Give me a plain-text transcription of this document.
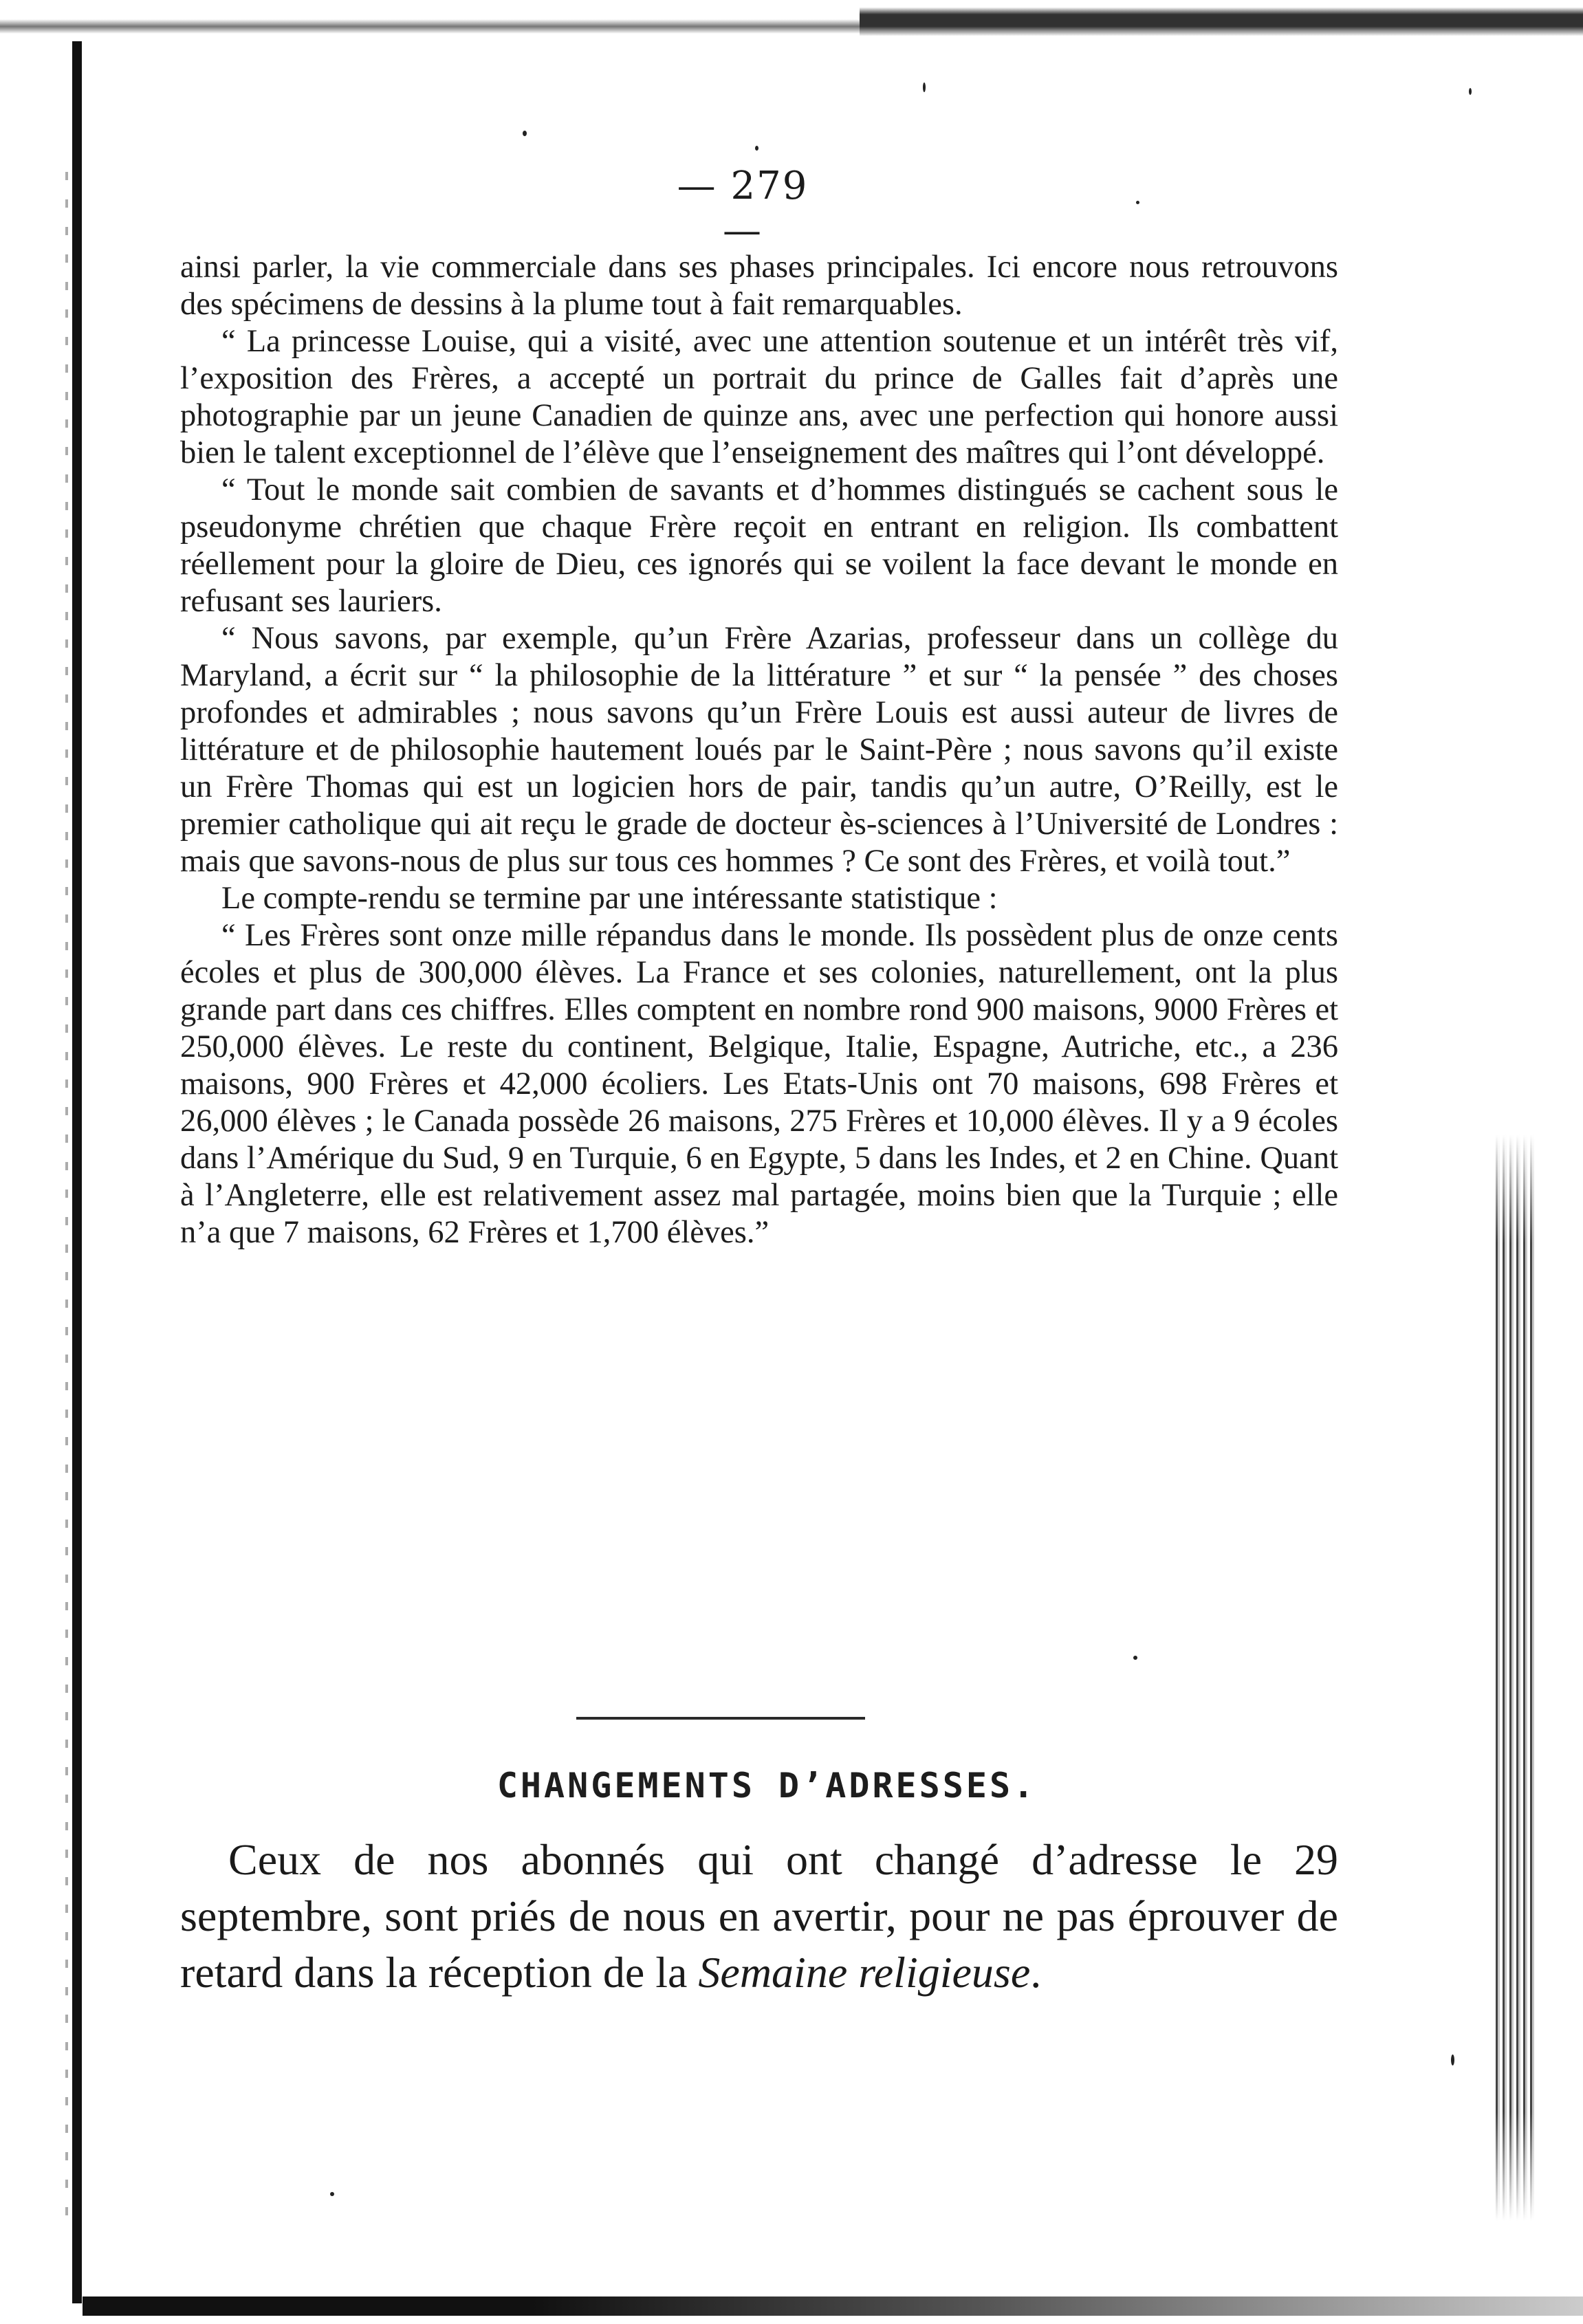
— 279 —

ainsi parler, la vie commerciale dans ses phases principales. Ici encore nous retrouvons des spécimens de dessins à la plume tout à fait remarquables.

“ La princesse Louise, qui a visité, avec une attention soutenue et un intérêt très vif, l’exposition des Frères, a accepté un portrait du prince de Galles fait d’après une photographie par un jeune Canadien de quinze ans, avec une perfection qui honore aussi bien le talent exceptionnel de l’élève que l’enseignement des maîtres qui l’ont développé.

“ Tout le monde sait combien de savants et d’hommes distingués se cachent sous le pseudonyme chrétien que chaque Frère reçoit en entrant en religion. Ils combattent réellement pour la gloire de Dieu, ces ignorés qui se voilent la face devant le monde en refusant ses lauriers.

“ Nous savons, par exemple, qu’un Frère Azarias, professeur dans un collège du Maryland, a écrit sur “ la philosophie de la littérature ” et sur “ la pensée ” des choses profondes et admirables ; nous savons qu’un Frère Louis est aussi auteur de livres de littérature et de philosophie hautement loués par le Saint-Père ; nous savons qu’il existe un Frère Thomas qui est un logicien hors de pair, tandis qu’un autre, O’Reilly, est le premier catholique qui ait reçu le grade de docteur ès-sciences à l’Université de Londres : mais que savons-nous de plus sur tous ces hommes ? Ce sont des Frères, et voilà tout.”

Le compte-rendu se termine par une intéressante statistique :

“ Les Frères sont onze mille répandus dans le monde. Ils possèdent plus de onze cents écoles et plus de 300,000 élèves. La France et ses colonies, naturellement, ont la plus grande part dans ces chiffres. Elles comptent en nombre rond 900 maisons, 9000 Frères et 250,000 élèves. Le reste du continent, Belgique, Italie, Espagne, Autriche, etc., a 236 maisons, 900 Frères et 42,000 écoliers. Les Etats-Unis ont 70 maisons, 698 Frères et 26,000 élèves ; le Canada possède 26 maisons, 275 Frères et 10,000 élèves. Il y a 9 écoles dans l’Amérique du Sud, 9 en Turquie, 6 en Egypte, 5 dans les Indes, et 2 en Chine. Quant à l’Angleterre, elle est relativement assez mal partagée, moins bien que la Turquie ; elle n’a que 7 maisons, 62 Frères et 1,700 élèves.”

CHANGEMENTS D’ADRESSES.

Ceux de nos abonnés qui ont changé d’adresse le 29 septembre, sont priés de nous en avertir, pour ne pas éprouver de retard dans la réception de la Semaine religieuse.
